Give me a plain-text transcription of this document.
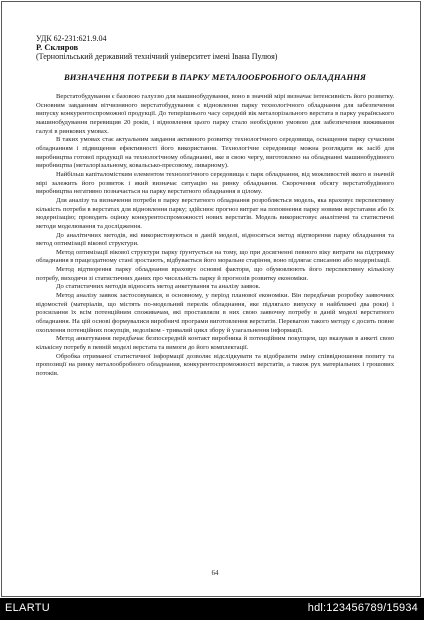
УДК 62-231:621.9.04
Р. Скляров
(Тернопільський державний технічний університет імені Івана Пулюя)
ВИЗНАЧЕННЯ ПОТРЕБИ В ПАРКУ МЕТАЛООБРОБНОГО ОБЛАДНАННЯ

Верстатобудування є базовою галуззю для машинобудування, воно в значній мірі визначає інтенсивність його розвитку. Основним завданням вітчизняного верстатобудування є відновлення парку технологічного обладнання для забезпечення випуску конкурентоспроможної продукції. До теперішнього часу середній вік металорізального верстата в парку українського машинобудування перевищив 20 років, і відновлення цього парку стало необхідною умовою для забезпечення виживання галузі в ринкових умовах.

В таких умовах стає актуальним завдання активного розвитку технологічного середовища, оснащення парку сучасним обладнанням і підвищення ефективності його використання. Технологічне середовище можна розглядати як засіб для виробництва готової продукції на технологічному обладнанні, яке в свою чергу, виготовлено на обладнанні машинобудівного виробництва (металорізальному, ковальсько-пресовому, ливарному).

Найбільш капіталомістким елементом технологічного середовища є парк обладнання, від можливостей якого в значній мірі залежить його розвиток і який визначає ситуацію на ринку обладнання. Скорочення обсягу верстатобудівного виробництва негативно позначається на парку верстатного обладнання в цілому.

Для аналізу та визначення потреби в парку верстатного обладнання розробляється модель, яка враховує перспективну кількість потреби в верстатах для відновлення парку; здійснює прогноз витрат на поповнення парку новими верстатами або їх модернізацію; проводить оцінку конкурентоспроможності нових верстатів. Модель використовує аналітичні та статистичні методи моделювання та дослідження.

До аналітичних методів, які використовуються в даній моделі, відносяться метод відтворення парку обладнання та метод оптимізації вікової структури.

Метод оптимізації вікової структури парку ґрунтується на тому, що при досягненні певного віку витрати на підтримку обладнання в працездатному стані зростають, відбувається його моральне старіння, воно підлягає списанню або модернізації.

Метод відтворення парку обладнання враховує основні фактори, що обумовлюють його перспективну кількісну потребу, виходячи зі статистичних даних про чисельність парку й прогнозів розвитку економіки.

До статистичних методів відносять метод анкетування та аналізу заявок.

Метод аналізу заявок застосовувався, в основному, у період планової економіки. Він передбачав розробку заявочних відомостей (матеріалів, що містять по-модельний перелік обладнання, яке підлягало випуску в найближчі два роки) і розсилання їх всім потенційним споживачам, які проставляли в них свою заявочну потребу в даній моделі верстатного обладнання. На цій основі формувалися виробничі програми виготовлення верстатів. Перевагою такого методу є досить повне охоплення потенційних покупців, недоліком - тривалий цикл збору й узагальнення інформації.

Метод анкетування передбачає безпосередній контакт виробника й потенційним покупцем, що вказував в анкеті свою кількісну потребу в певній моделі верстата та вимоги до його комплектації.

Обробка отриманої статистичної інформації дозволяє відслідкувати та відобразити зміну співвідношення попиту та пропозиції на ринку металообробного обладнання, конкурентоспроможності верстатів, а також рух матеріальних і грошових потоків.

64
ELARTU	hdl:123456789/15934
